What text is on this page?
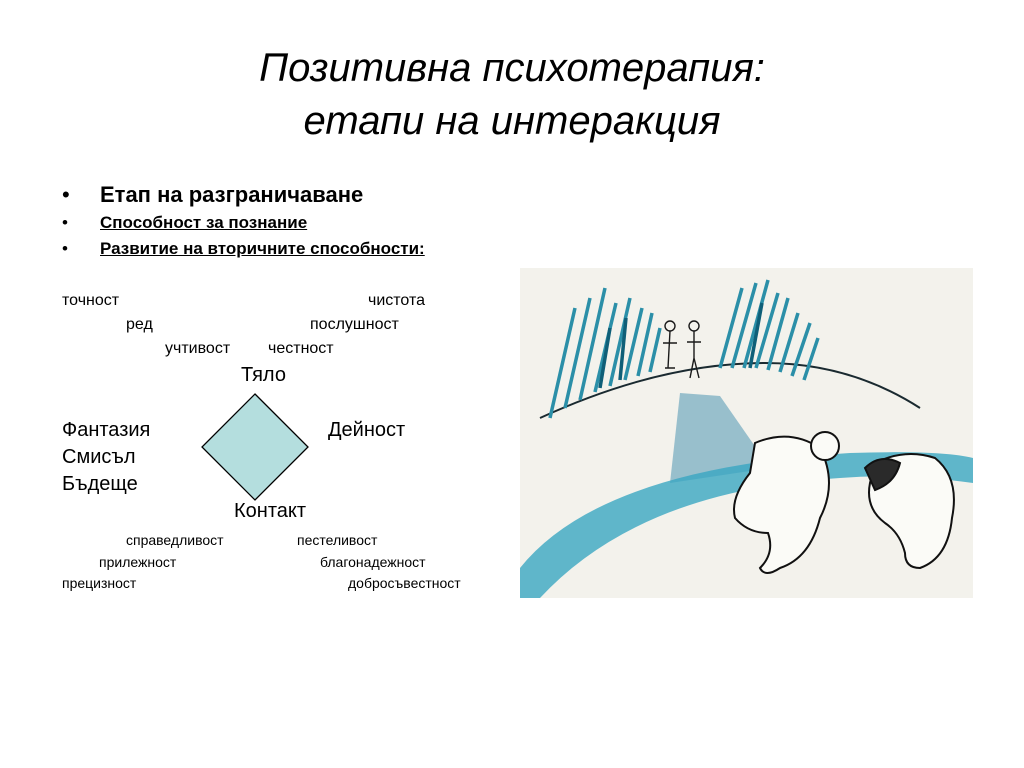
Позитивна психотерапия:
етапи на интеракция
• Етап на разграничаване
• Способност за познание
• Развитие на вторичните способности:
точност	чистота
ред	послушност
учтивост честност
Тяло
Дейност
Фантазия
Смисъл
Бъдеще
Контакт
справедливост	пестеливост
прилежност	благонадежност
прецизност	добросъвестност
